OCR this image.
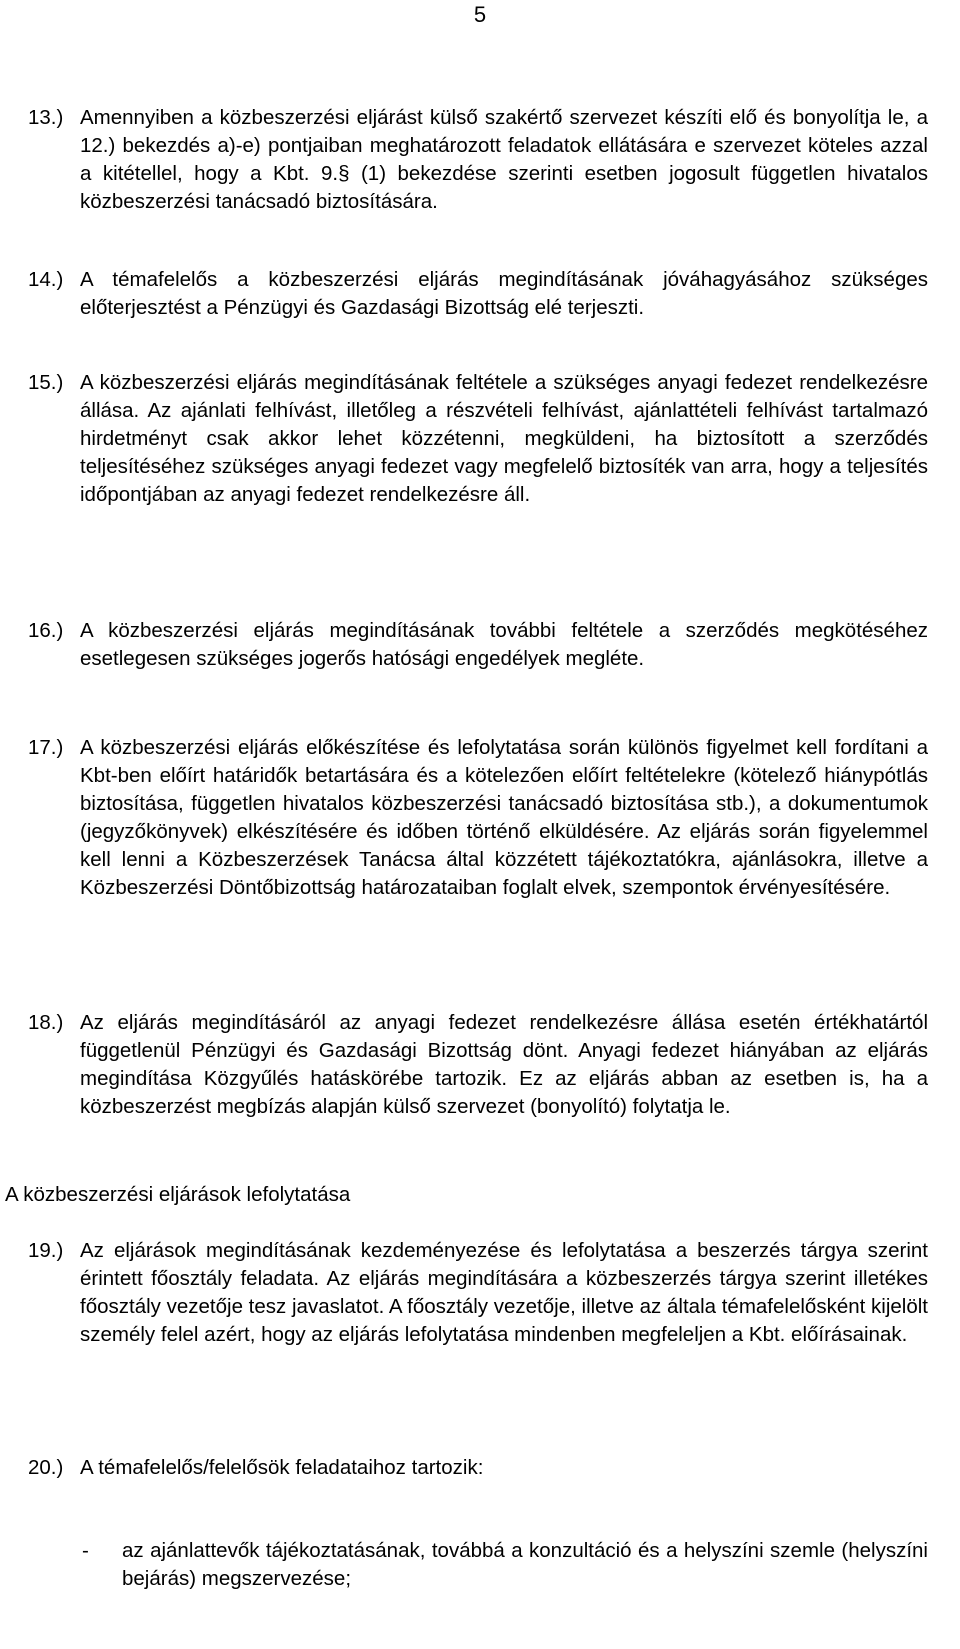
5
13.) Amennyiben a közbeszerzési eljárást külső szakértő szervezet készíti elő és bonyolítja le, a 12.) bekezdés a)-e) pontjaiban meghatározott feladatok ellátására e szervezet köteles azzal a kitétellel, hogy a Kbt. 9.§ (1) bekezdése szerinti esetben jogosult független hivatalos közbeszerzési tanácsadó biztosítására.
14.) A témafelelős a közbeszerzési eljárás megindításának jóváhagyásához szükséges előterjesztést a Pénzügyi és Gazdasági Bizottság elé terjeszti.
15.) A közbeszerzési eljárás megindításának feltétele a szükséges anyagi fedezet rendelkezésre állása. Az ajánlati felhívást, illetőleg a részvételi felhívást, ajánlattételi felhívást tartalmazó hirdetményt csak akkor lehet közzétenni, megküldeni, ha biztosított a szerződés teljesítéséhez szükséges anyagi fedezet vagy megfelelő biztosíték van arra, hogy a teljesítés időpontjában az anyagi fedezet rendelkezésre áll.
16.) A közbeszerzési eljárás megindításának további feltétele a szerződés megkötéséhez esetlegesen szükséges jogerős hatósági engedélyek megléte.
17.) A közbeszerzési eljárás előkészítése és lefolytatása során különös figyelmet kell fordítani a Kbt-ben előírt határidők betartására és a kötelezően előírt feltételekre (kötelező hiánypótlás biztosítása, független hivatalos közbeszerzési tanácsadó biztosítása stb.), a dokumentumok (jegyzőkönyvek) elkészítésére és időben történő elküldésére. Az eljárás során figyelemmel kell lenni a Közbeszerzések Tanácsa által közzétett tájékoztatókra, ajánlásokra, illetve a Közbeszerzési Döntőbizottság határozataiban foglalt elvek, szempontok érvényesítésére.
18.) Az eljárás megindításáról az anyagi fedezet rendelkezésre állása esetén értékhatártól függetlenül Pénzügyi és Gazdasági Bizottság dönt. Anyagi fedezet hiányában az eljárás megindítása Közgyűlés hatáskörébe tartozik. Ez az eljárás abban az esetben is, ha a közbeszerzést megbízás alapján külső szervezet (bonyolító) folytatja le.
A közbeszerzési eljárások lefolytatása
19.) Az eljárások megindításának kezdeményezése és lefolytatása a beszerzés tárgya szerint érintett főosztály feladata. Az eljárás megindítására a közbeszerzés tárgya szerint illetékes főosztály vezetője tesz javaslatot. A főosztály vezetője, illetve az általa témafelelősként kijelölt személy felel azért, hogy az eljárás lefolytatása mindenben megfeleljen a Kbt. előírásainak.
20.) A témafelelős/felelősök feladataihoz tartozik:
- az ajánlattevők tájékoztatásának, továbbá a konzultáció és a helyszíni szemle (helyszíni bejárás) megszervezése;
